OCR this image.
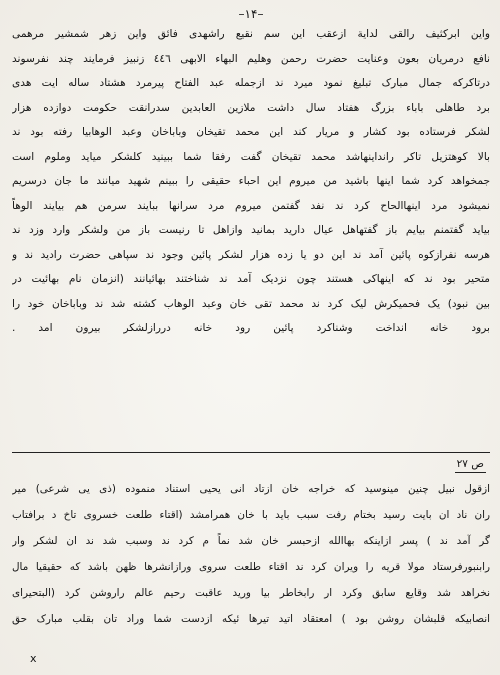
–۱۴–
واین ابرکثیف رالقی لدایة ازعقب این سم نقیع راشهدی فائق واین زهر شمشیر مرهمی
نافع درمریان بعون وعنایت حضرت رحمن وهلیم البهاء الابهی ٤٤٦ زنبیز فرمایند چند نفرسوند
درتاکرکه جمال مبارک تبلیغ نمود میرد ند ازجمله عبد الفتاح پیرمرد هشتاد ساله ایت هدی
برد طاهلی باباء بزرگ هفتاد سال داشت ملازین العابدین سدرانقت حکومت دوازده هزار
لشکر فرستاده بود کشار و مریار کند این محمد تقیخان وباباخان وعبد الوهابیا رفته بود ند
بالا کوهتزیل تاکر رانداینهاشد محمد تقیخان گفت رفقا شما ببینید کلشکر میاید وملوم است
جمخواهد کرد شما اینها باشید من میروم این احباء حقیقی را ببینم شهید میانند ما جان درسریم
نمیشود مرد اینهاالحاح کرد ند نفد گفتمن میروم مرد سرانها ببایند سرمن هم بیایند الوهاً
بیاید گفتمنم بیایم باز گفتهاهل عیال دارید بمانید وازاهل تا رنیست باز من ولشکر وارد وزد ند
هرسه نفرازکوه پائین آمد ند این دو یا زده هزار لشکر پائین وجود ند سپاهی حضرت رادید ند و
متحیر بود ند که اینهاکی هستند چون نزدیک آمد ند شناختند بهائیانند (انزمان نام بهائیت در
بین نبود) یک فحمیکرش لیک کرد ند محمد تقی خان وعبد الوهاب کشته شد ند وباباخان خود را
برود خانه انداخت وشناکرد پائین رود خانه دررازلشکر بیرون امد .
ص ۲۷
ازقول نبیل چنین مینوسید که خراجه خان ازتاد انی یحیی استناد منموده (ذی یی شرعی) میر
ران ناد ان بایت رسید بختام رفت سبب باید با خان همرامشد (اقتاء طلعت خسروی تاخ د برافتاب
گر آمد ند ) پسر ازاینکه بهاالله ازحبسر خان شد نماً م کرد ند وسبب شد ند ان لشکر وار
رابنبورفرستاد مولا قریه را ویران کرد ند اقتاء طلعت سروی ورازانشرها ظهن باشد که حقیقیا مال
نخراهد شد وقایع سابق وکرد ار رابخاطر بیا ورید عاقبت رحیم عالم راروشن کرد (البتحیرای
انصابیکه قلبشان روشن بود ) امعتقاد اتید تیرها ئیکه ازدست شما وراد تان بقلب مبارک حق
x
